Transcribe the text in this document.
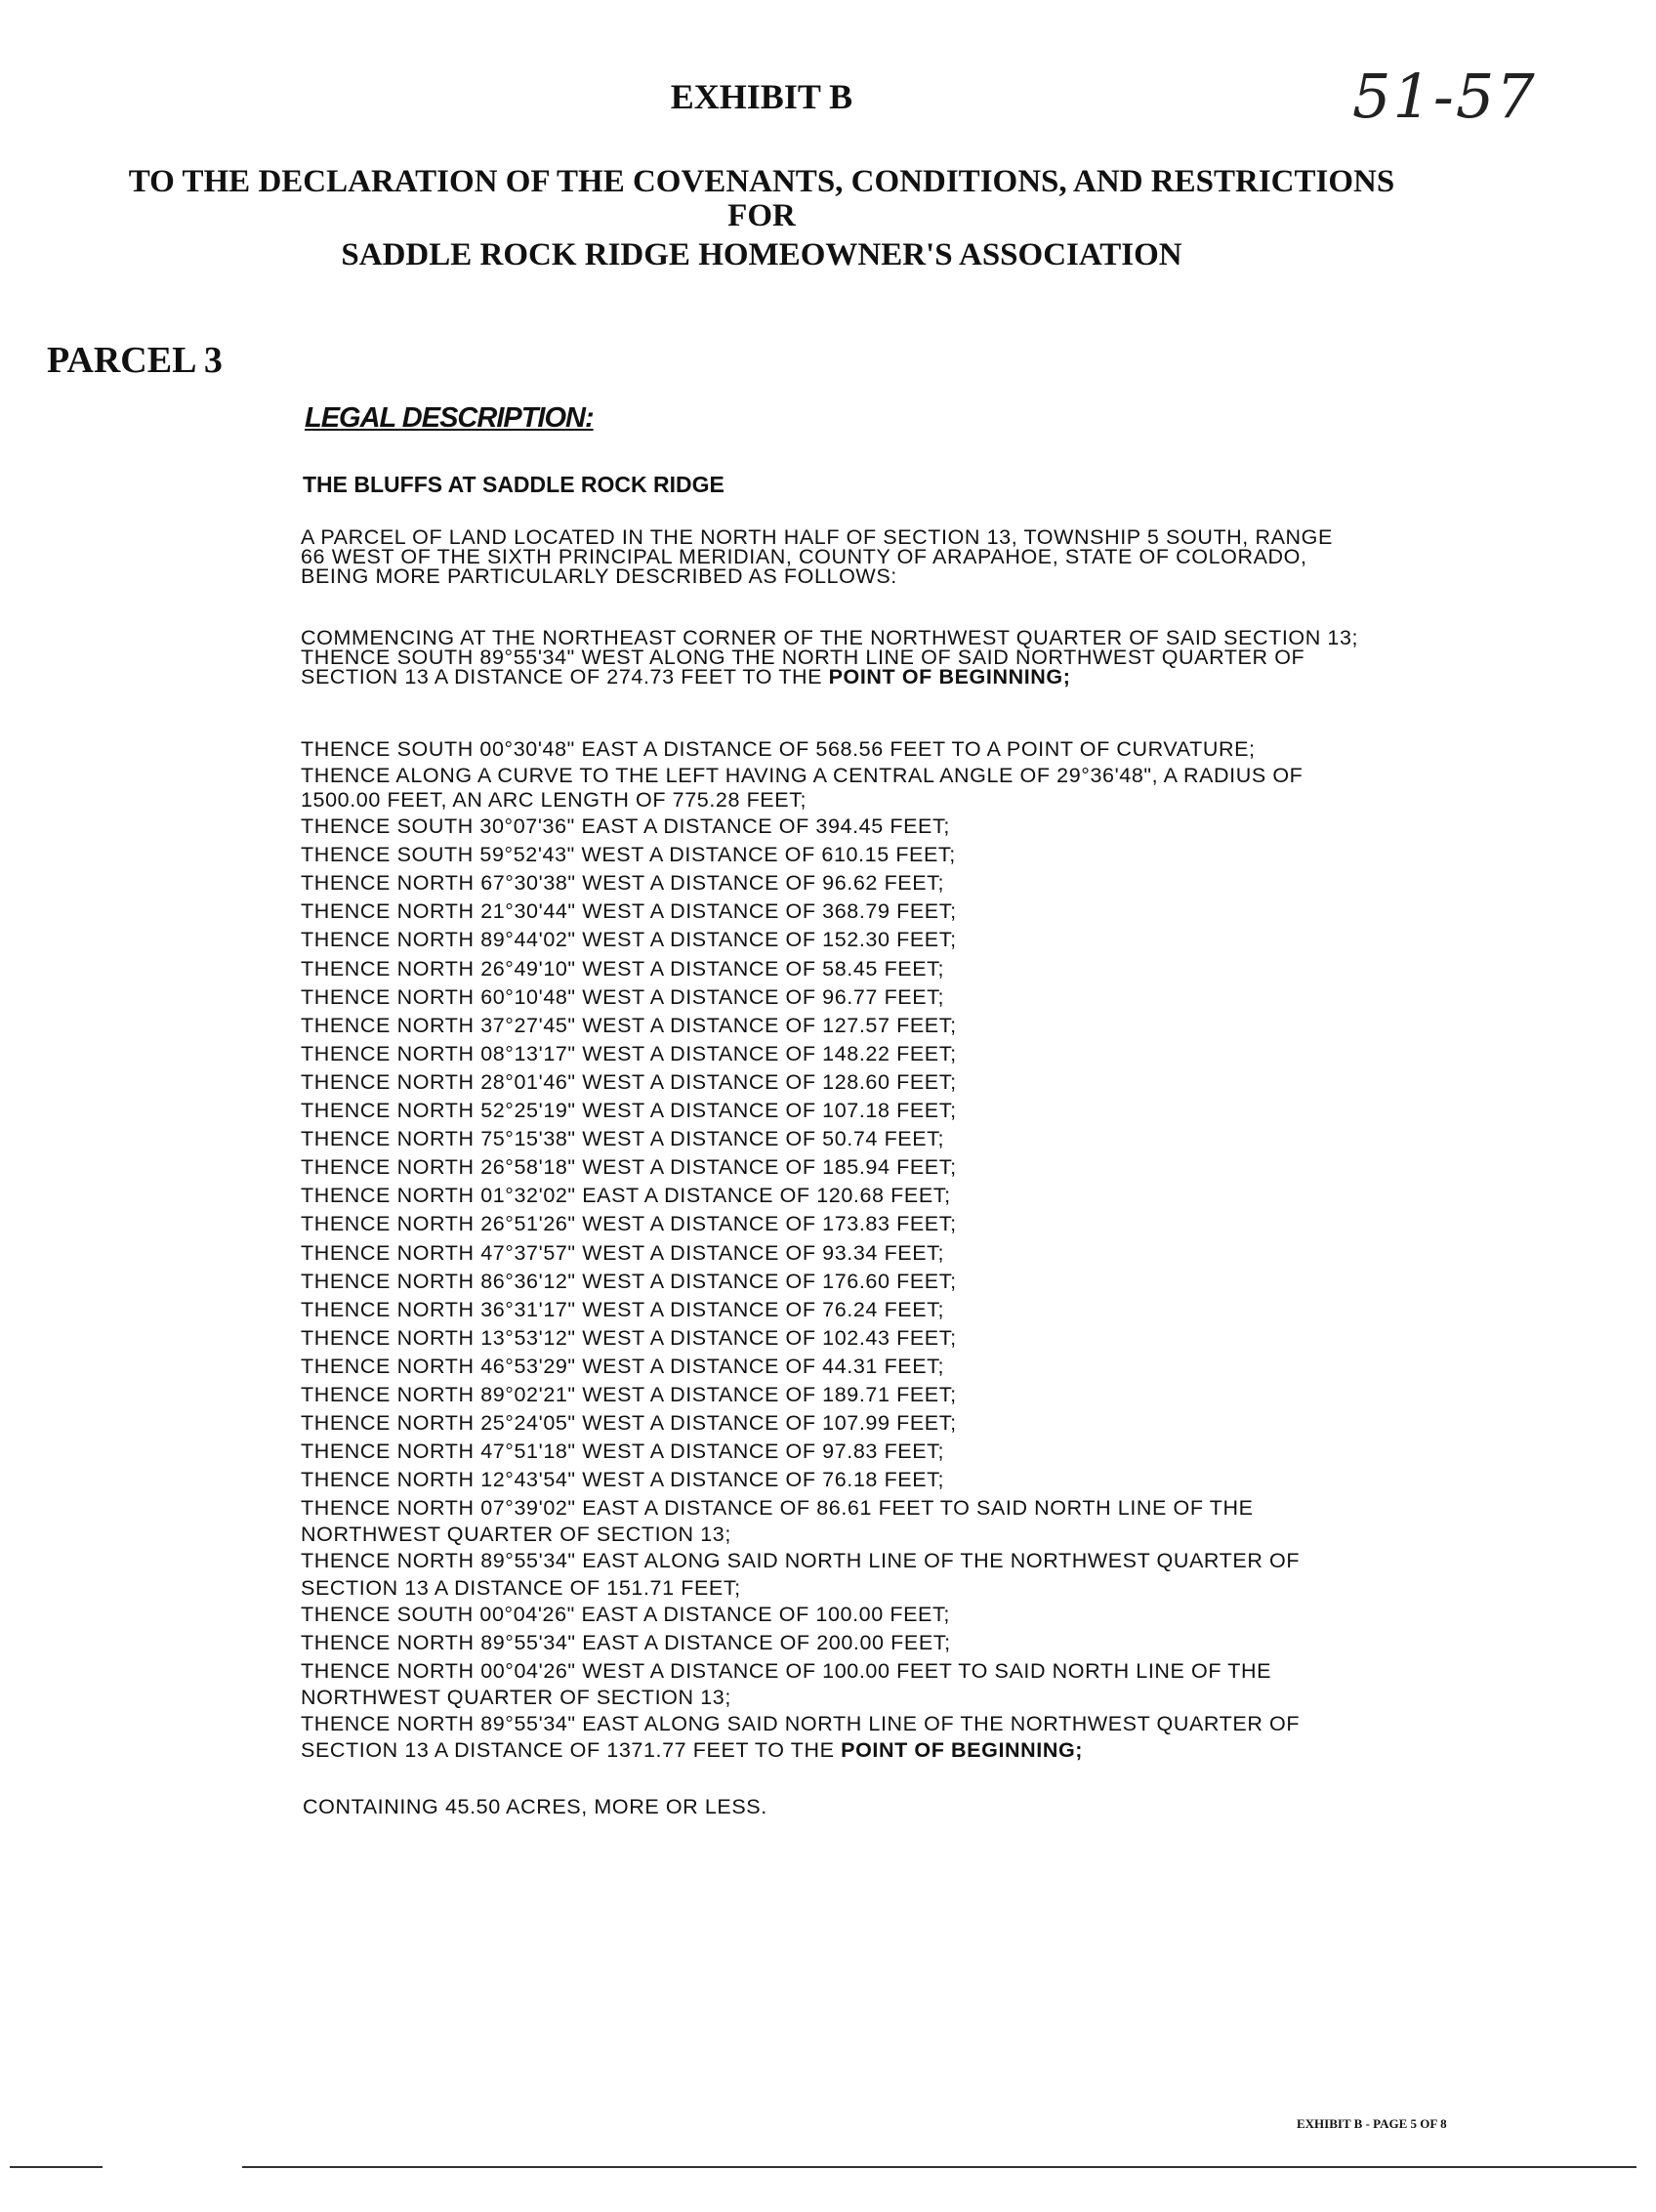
EXHIBIT B	51-57
TO THE DECLARATION OF THE COVENANTS, CONDITIONS, AND RESTRICTIONS
FOR
SADDLE ROCK RIDGE HOMEOWNER'S ASSOCIATION
PARCEL 3
LEGAL DESCRIPTION:
THE BLUFFS AT SADDLE ROCK RIDGE
A PARCEL OF LAND LOCATED IN THE NORTH HALF OF SECTION 13, TOWNSHIP 5 SOUTH, RANGE
66 WEST OF THE SIXTH PRINCIPAL MERIDIAN, COUNTY OF ARAPAHOE, STATE OF COLORADO,
BEING MORE PARTICULARLY DESCRIBED AS FOLLOWS:
COMMENCING AT THE NORTHEAST CORNER OF THE NORTHWEST QUARTER OF SAID SECTION 13;
THENCE SOUTH 89°55'34" WEST ALONG THE NORTH LINE OF SAID NORTHWEST QUARTER OF
SECTION 13 A DISTANCE OF 274.73 FEET TO THE POINT OF BEGINNING;
THENCE SOUTH 00°30'48" EAST A DISTANCE OF 568.56 FEET TO A POINT OF CURVATURE;
THENCE ALONG A CURVE TO THE LEFT HAVING A CENTRAL ANGLE OF 29°36'48", A RADIUS OF
1500.00 FEET, AN ARC LENGTH OF 775.28 FEET;
THENCE SOUTH 30°07'36" EAST A DISTANCE OF 394.45 FEET;
THENCE SOUTH 59°52'43" WEST A DISTANCE OF 610.15 FEET;
THENCE NORTH 67°30'38" WEST A DISTANCE OF 96.62 FEET;
THENCE NORTH 21°30'44" WEST A DISTANCE OF 368.79 FEET;
THENCE NORTH 89°44'02" WEST A DISTANCE OF 152.30 FEET;
THENCE NORTH 26°49'10" WEST A DISTANCE OF 58.45 FEET;
THENCE NORTH 60°10'48" WEST A DISTANCE OF 96.77 FEET;
THENCE NORTH 37°27'45" WEST A DISTANCE OF 127.57 FEET;
THENCE NORTH 08°13'17" WEST A DISTANCE OF 148.22 FEET;
THENCE NORTH 28°01'46" WEST A DISTANCE OF 128.60 FEET;
THENCE NORTH 52°25'19" WEST A DISTANCE OF 107.18 FEET;
THENCE NORTH 75°15'38" WEST A DISTANCE OF 50.74 FEET;
THENCE NORTH 26°58'18" WEST A DISTANCE OF 185.94 FEET;
THENCE NORTH 01°32'02" EAST A DISTANCE OF 120.68 FEET;
THENCE NORTH 26°51'26" WEST A DISTANCE OF 173.83 FEET;
THENCE NORTH 47°37'57" WEST A DISTANCE OF 93.34 FEET;
THENCE NORTH 86°36'12" WEST A DISTANCE OF 176.60 FEET;
THENCE NORTH 36°31'17" WEST A DISTANCE OF 76.24 FEET;
THENCE NORTH 13°53'12" WEST A DISTANCE OF 102.43 FEET;
THENCE NORTH 46°53'29" WEST A DISTANCE OF 44.31 FEET;
THENCE NORTH 89°02'21" WEST A DISTANCE OF 189.71 FEET;
THENCE NORTH 25°24'05" WEST A DISTANCE OF 107.99 FEET;
THENCE NORTH 47°51'18" WEST A DISTANCE OF 97.83 FEET;
THENCE NORTH 12°43'54" WEST A DISTANCE OF 76.18 FEET;
THENCE NORTH 07°39'02" EAST A DISTANCE OF 86.61 FEET TO SAID NORTH LINE OF THE
NORTHWEST QUARTER OF SECTION 13;
THENCE NORTH 89°55'34" EAST ALONG SAID NORTH LINE OF THE NORTHWEST QUARTER OF
SECTION 13 A DISTANCE OF 151.71 FEET;
THENCE SOUTH 00°04'26" EAST A DISTANCE OF 100.00 FEET;
THENCE NORTH 89°55'34" EAST A DISTANCE OF 200.00 FEET;
THENCE NORTH 00°04'26" WEST A DISTANCE OF 100.00 FEET TO SAID NORTH LINE OF THE
NORTHWEST QUARTER OF SECTION 13;
THENCE NORTH 89°55'34" EAST ALONG SAID NORTH LINE OF THE NORTHWEST QUARTER OF
SECTION 13 A DISTANCE OF 1371.77 FEET TO THE POINT OF BEGINNING;
CONTAINING 45.50 ACRES, MORE OR LESS.
EXHIBIT B - PAGE 5 OF 8
